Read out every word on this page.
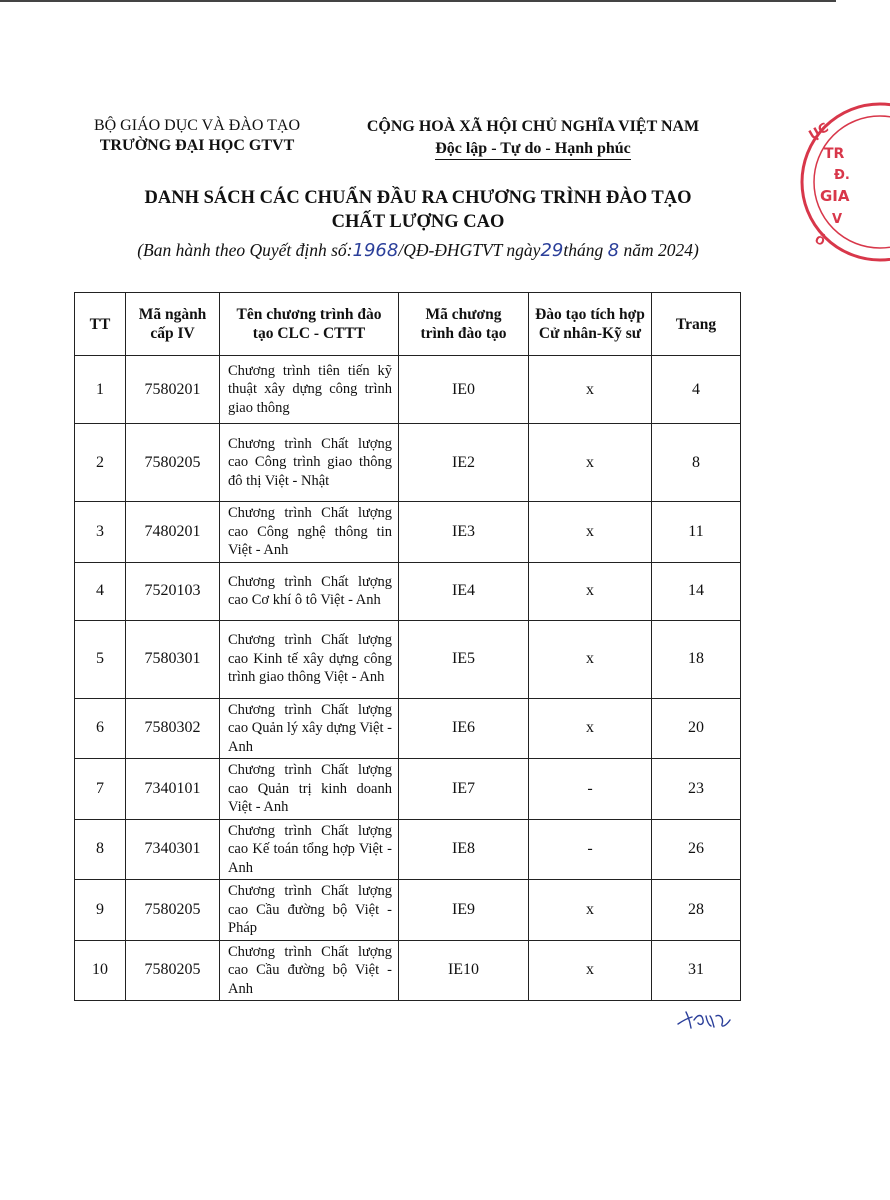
BỘ GIÁO DỤC VÀ ĐÀO TẠO
TRƯỜNG ĐẠI HỌC GTVT
CỘNG HOÀ XÃ HỘI CHỦ NGHĨA VIỆT NAM
Độc lập - Tự do - Hạnh phúc
DANH SÁCH CÁC CHUẨN ĐẦU RA CHƯƠNG TRÌNH ĐÀO TẠO
CHẤT LƯỢNG CAO
(Ban hành theo Quyết định số:1968/QĐ-ĐHGTVT ngày29tháng 8 năm 2024)
TT	Mã ngành cấp IV	Tên chương trình đào tạo CLC - CTTT	Mã chương trình đào tạo	Đào tạo tích hợp Cử nhân-Kỹ sư	Trang
1	7580201	Chương trình tiên tiến kỹ thuật xây dựng công trình giao thông	IE0	x	4
2	7580205	Chương trình Chất lượng cao Công trình giao thông đô thị Việt - Nhật	IE2	x	8
3	7480201	Chương trình Chất lượng cao Công nghệ thông tin Việt - Anh	IE3	x	11
4	7520103	Chương trình Chất lượng cao Cơ khí ô tô Việt - Anh	IE4	x	14
5	7580301	Chương trình Chất lượng cao Kinh tế xây dựng công trình giao thông Việt - Anh	IE5	x	18
6	7580302	Chương trình Chất lượng cao Quản lý xây dựng Việt - Anh	IE6	x	20
7	7340101	Chương trình Chất lượng cao Quản trị kinh doanh Việt - Anh	IE7	-	23
8	7340301	Chương trình Chất lượng cao Kế toán tổng hợp Việt - Anh	IE8	-	26
9	7580205	Chương trình Chất lượng cao Cầu đường bộ Việt - Pháp	IE9	x	28
10	7580205	Chương trình Chất lượng cao Cầu đường bộ Việt - Anh	IE10	x	31
ỤC
TR
Đ.
GIA
V
Ồ
